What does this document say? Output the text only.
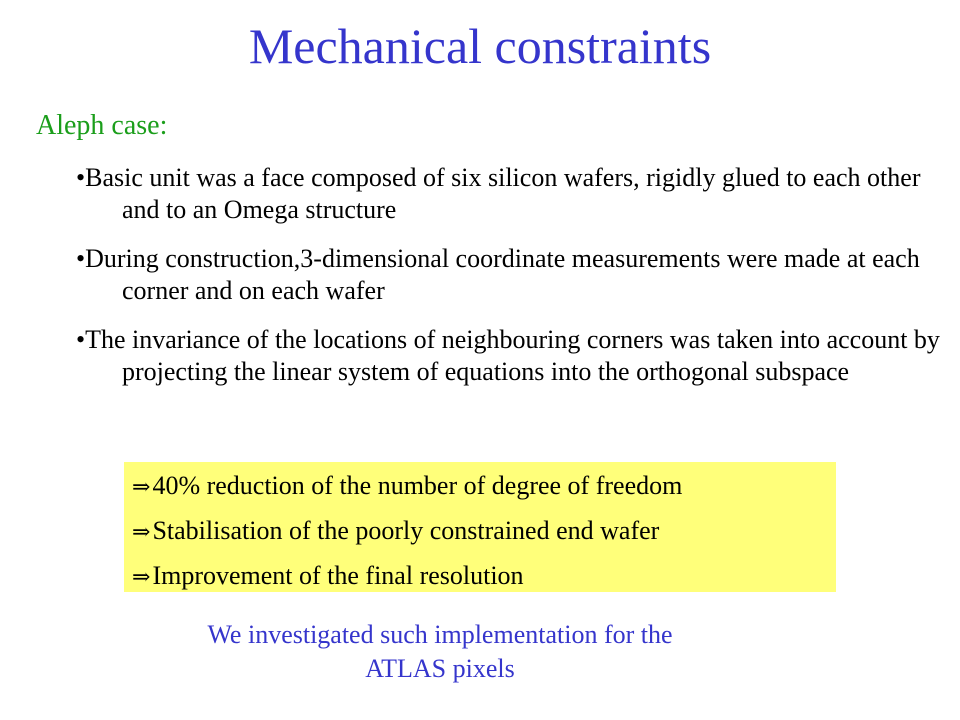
Mechanical constraints
Aleph case:
•Basic unit was a face composed of six silicon wafers, rigidly glued to each other and to an Omega structure
•During construction,3-dimensional coordinate measurements were made at each corner and on each wafer
•The invariance of the locations of neighbouring corners was taken into account by projecting the linear system of equations into the orthogonal subspace
⇒40% reduction of the number of degree of freedom
⇒Stabilisation of the poorly constrained end wafer
⇒Improvement of the final resolution
We investigated such implementation for the
ATLAS pixels
